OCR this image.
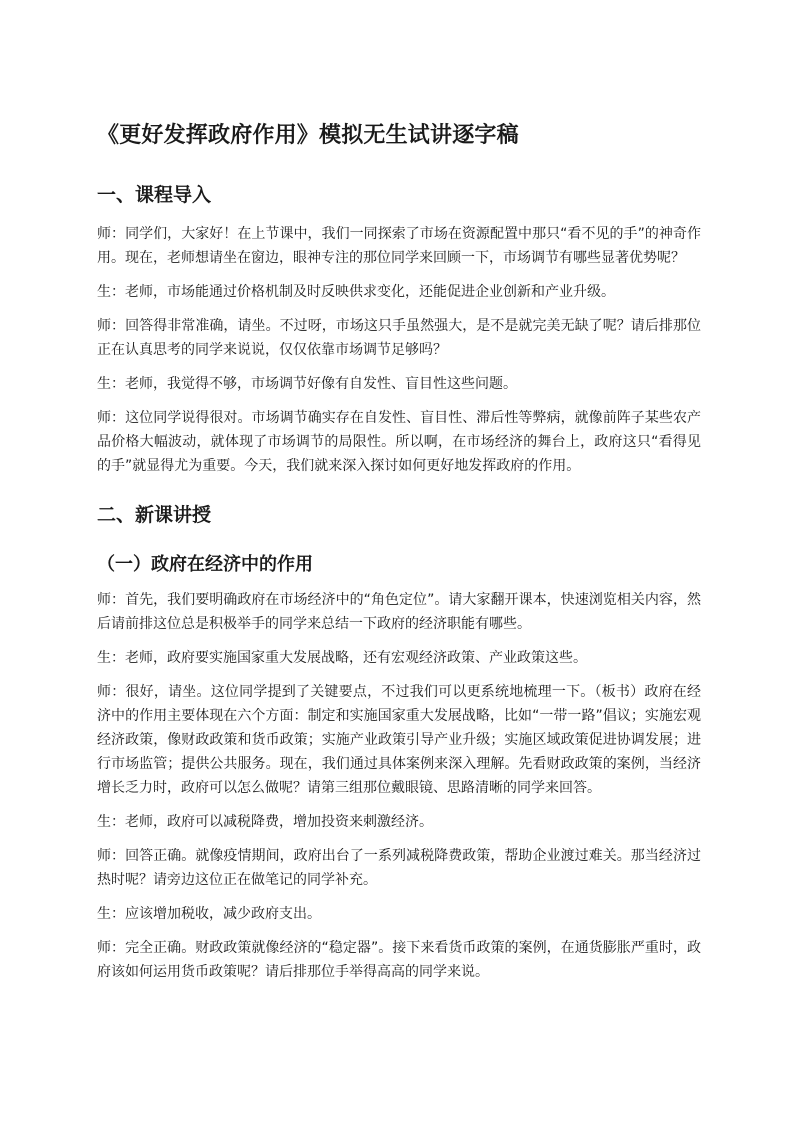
《更好发挥政府作用》模拟无生试讲逐字稿
一、课程导入

师：同学们，大家好！在上节课中，我们一同探索了市场在资源配置中那只“看不见的手”的神奇作用。现在，老师想请坐在窗边，眼神专注的那位同学来回顾一下，市场调节有哪些显著优势呢？

生：老师，市场能通过价格机制及时反映供求变化，还能促进企业创新和产业升级。

师：回答得非常准确，请坐。不过呀，市场这只手虽然强大，是不是就完美无缺了呢？请后排那位正在认真思考的同学来说说，仅仅依靠市场调节足够吗？

生：老师，我觉得不够，市场调节好像有自发性、盲目性这些问题。

师：这位同学说得很对。市场调节确实存在自发性、盲目性、滞后性等弊病，就像前阵子某些农产品价格大幅波动，就体现了市场调节的局限性。所以啊，在市场经济的舞台上，政府这只“看得见的手”就显得尤为重要。今天，我们就来深入探讨如何更好地发挥政府的作用。

二、新课讲授
（一）政府在经济中的作用

师：首先，我们要明确政府在市场经济中的“角色定位”。请大家翻开课本，快速浏览相关内容，然后请前排这位总是积极举手的同学来总结一下政府的经济职能有哪些。

生：老师，政府要实施国家重大发展战略，还有宏观经济政策、产业政策这些。

师：很好，请坐。这位同学提到了关键要点，不过我们可以更系统地梳理一下。（板书）政府在经济中的作用主要体现在六个方面：制定和实施国家重大发展战略，比如“一带一路”倡议；实施宏观经济政策，像财政政策和货币政策；实施产业政策引导产业升级；实施区域政策促进协调发展；进行市场监管；提供公共服务。现在，我们通过具体案例来深入理解。先看财政政策的案例，当经济增长乏力时，政府可以怎么做呢？请第三组那位戴眼镜、思路清晰的同学来回答。

生：老师，政府可以减税降费，增加投资来刺激经济。

师：回答正确。就像疫情期间，政府出台了一系列减税降费政策，帮助企业渡过难关。那当经济过热时呢？请旁边这位正在做笔记的同学补充。

生：应该增加税收，减少政府支出。

师：完全正确。财政政策就像经济的“稳定器”。接下来看货币政策的案例，在通货膨胀严重时，政府该如何运用货币政策呢？请后排那位手举得高高的同学来说。
